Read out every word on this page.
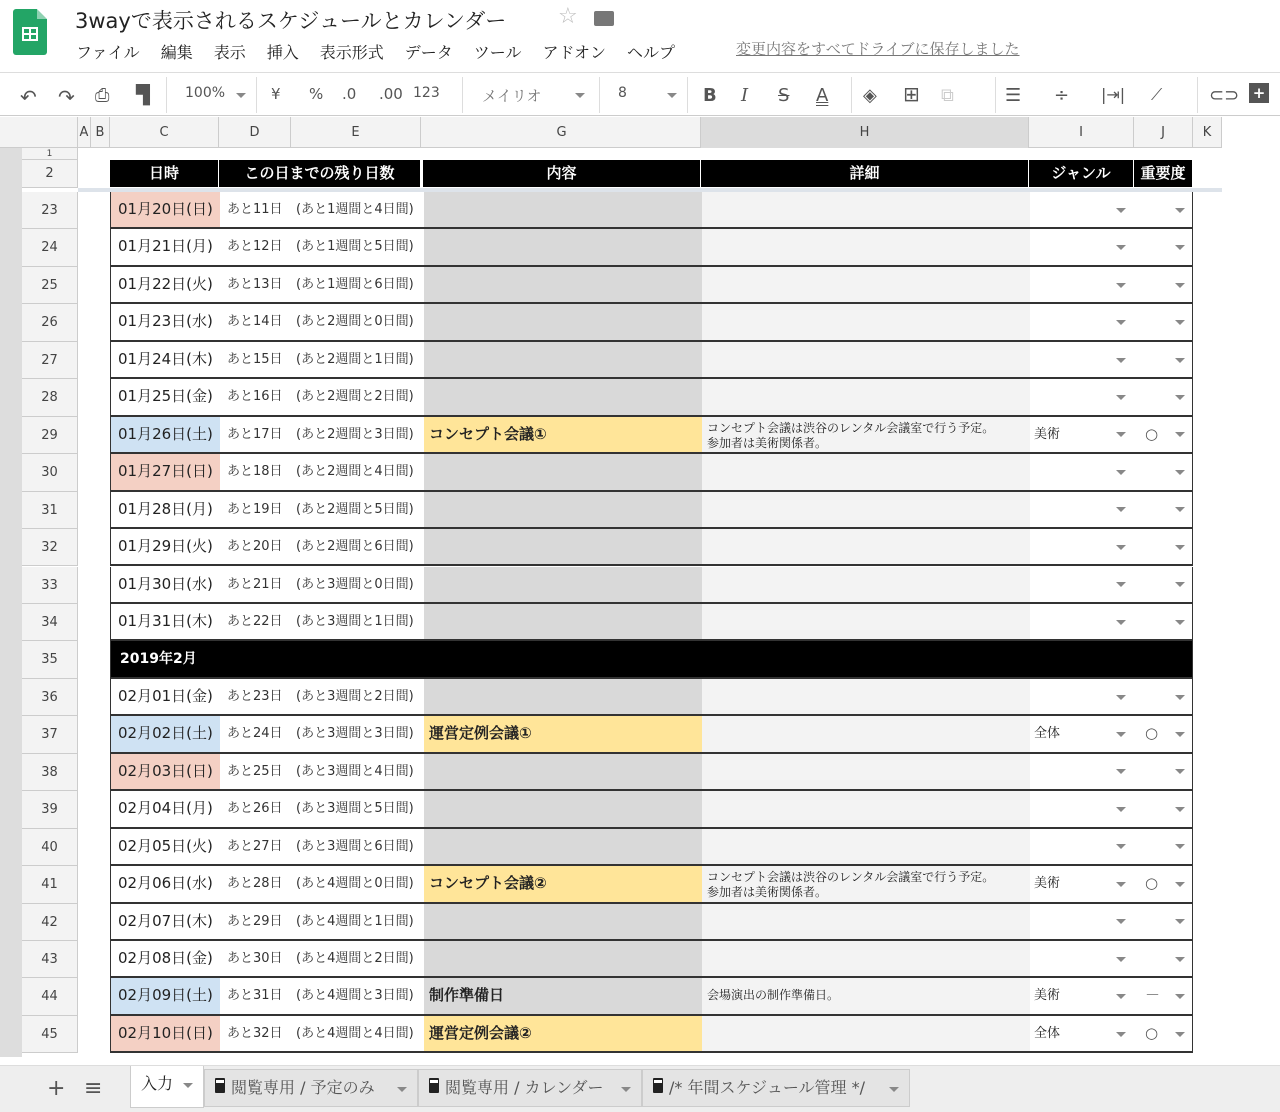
3wayで表示されるスケジュールとカレンダー ☆
ファイル 編集 表示 挿入 表示形式 データ ツール アドオン ヘルプ	変更内容をすべてドライブに保存しました
↶ ↷ ⎙ ▜	100%	¥ % .0 .00 123	メイリオ	8	B I S A ◈ ⊞ ⧉	☰ ÷ |⇥| ⟋	⊂⊃ +
A B	C	D	E	G	H	I	J	K
1
2	日時	この日までの残り日数	内容	詳細	ジャンル	重要度
23	01月20日(日)	あと11日 (あと1週間と4日間)
24	01月21日(月)	あと12日 (あと1週間と5日間)
25	01月22日(火)	あと13日 (あと1週間と6日間)
26	01月23日(水)	あと14日 (あと2週間と0日間)
27	01月24日(木)	あと15日 (あと2週間と1日間)
28	01月25日(金)	あと16日 (あと2週間と2日間)
29	01月26日(土)	あと17日 (あと2週間と3日間)	コンセプト会議①	コンセプト会議は渋谷のレンタル会議室で行う予定。
参加者は美術関係者。
美術	○
30	01月27日(日)	あと18日 (あと2週間と4日間)
31	01月28日(月)	あと19日 (あと2週間と5日間)
32	01月29日(火)	あと20日 (あと2週間と6日間)
33	01月30日(水)	あと21日 (あと3週間と0日間)
34	01月31日(木)	あと22日 (あと3週間と1日間)
35	2019年2月
36	02月01日(金)	あと23日 (あと3週間と2日間)
37	02月02日(土)	あと24日 (あと3週間と3日間)	運営定例会議①	全体	○
38	02月03日(日)	あと25日 (あと3週間と4日間)
39	02月04日(月)	あと26日 (あと3週間と5日間)
40	02月05日(火)	あと27日 (あと3週間と6日間)
41	02月06日(水)	あと28日 (あと4週間と0日間)	コンセプト会議②	コンセプト会議は渋谷のレンタル会議室で行う予定。
参加者は美術関係者。
美術	○
42	02月07日(木)	あと29日 (あと4週間と1日間)
43	02月08日(金)	あと30日 (あと4週間と2日間)
44	02月09日(土)	あと31日 (あと4週間と3日間)	制作準備日	会場演出の制作準備日。	美術	－
45	02月10日(日)	あと32日 (あと4週間と4日間)	運営定例会議②	全体	○
+ ≡	入力	閲覧専用 / 予定のみ	閲覧専用 / カレンダー	/* 年間スケジュール管理 */
